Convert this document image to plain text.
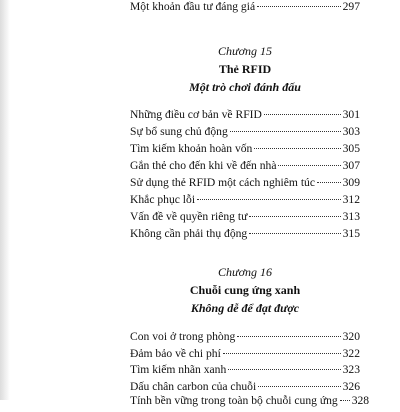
Một khoản đầu tư đáng giá	297
Chương 15
Thẻ RFID
Một trò chơi đánh đấu
Những điều cơ bản về RFID	301
Sự bổ sung chủ động	303
Tìm kiếm khoản hoàn vốn	305
Gắn thẻ cho đến khi về đến nhà	307
Sử dụng thẻ RFID một cách nghiêm túc 309
Khắc phục lỗi	312
Vấn đề về quyền riêng tư	313
Không cần phải thụ động	315
Chương 16
Chuỗi cung ứng xanh
Không dễ để đạt được
Con voi ở trong phòng	320
Đảm bảo về chi phí	322
Tìm kiếm nhãn xanh	323
Dấu chân carbon của chuỗi	326
Tính bền vững trong toàn bộ chuỗi cung ứng 328
